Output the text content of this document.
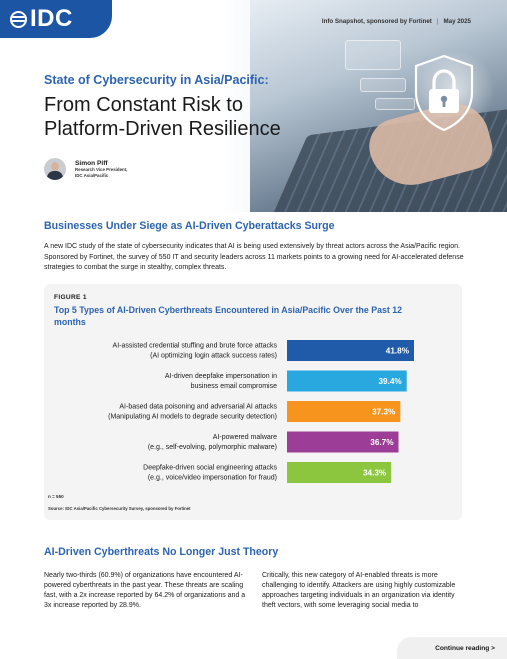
IDC	Info Snapshot, sponsored by Fortinet | May 2025
State of Cybersecurity in Asia/Pacific:
From Constant Risk to
Platform-Driven Resilience
Simon Piff
Research Vice President,
IDC Asia/Pacific
Businesses Under Siege as AI-Driven Cyberattacks Surge
A new IDC study of the state of cybersecurity indicates that AI is being used extensively by threat actors across the Asia/Pacific region. Sponsored by Fortinet, the survey of 550 IT and security leaders across 11 markets points to a growing need for AI-accelerated defense strategies to combat the surge in stealthy, complex threats.
FIGURE 1
Top 5 Types of AI-Driven Cyberthreats Encountered in Asia/Pacific Over the Past 12 months
41.8%
AI-assisted credential stuffing and brute force attacks
(AI optimizing login attack success rates)
39.4%
AI-driven deepfake impersonation in
business email compromise
37.3%
AI-based data poisoning and adversarial AI attacks
(Manipulating AI models to degrade security detection)
36.7%
AI-powered malware
(e.g., self-evolving, polymorphic malware)
34.3%
Deepfake-driven social engineering attacks
(e.g., voice/video impersonation for fraud)
n = 550
Source: IDC Asia/Pacific Cybersecurity Survey, sponsored by Fortinet
AI-Driven Cyberthreats No Longer Just Theory
Nearly two-thirds (60.9%) of organizations have encountered AI-powered cyberthreats in the past year. These threats are scaling fast, with a 2x increase reported by 64.2% of organizations and a 3x increase reported by 28.9%.
Critically, this new category of AI-enabled threats is more challenging to identify. Attackers are using highly customizable approaches targeting individuals in an organization via identity theft vectors, with some leveraging social media to
Continue reading >
